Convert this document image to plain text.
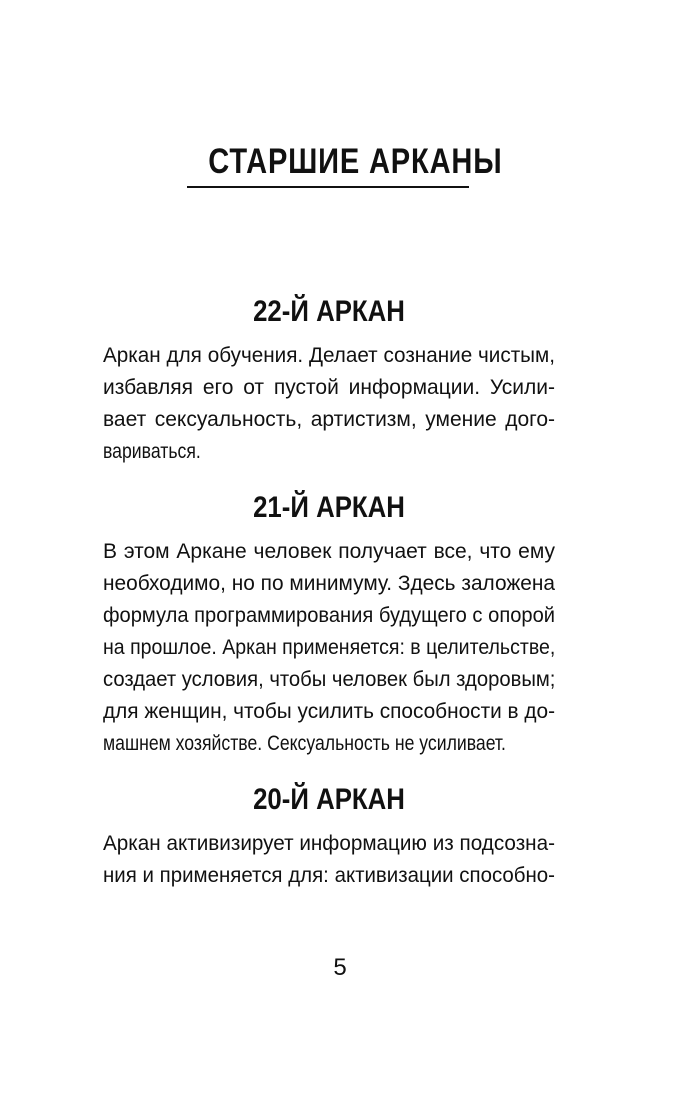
СТАРШИЕ АРКАНЫ
22-Й АРКАН
Аркан для обучения. Делает сознание чистым,
избавляя его от пустой информации. Усили-
вает сексуальность, артистизм, умение дого-
вариваться.
21-Й АРКАН
В этом Аркане человек получает все, что ему
необходимо, но по минимуму. Здесь заложена
формула программирования будущего с опорой
на прошлое. Аркан применяется: в целительстве,
создает условия, чтобы человек был здоровым;
для женщин, чтобы усилить способности в до-
машнем хозяйстве. Сексуальность не усиливает.
20-Й АРКАН
Аркан активизирует информацию из подсозна-
ния и применяется для: активизации способно-
5
